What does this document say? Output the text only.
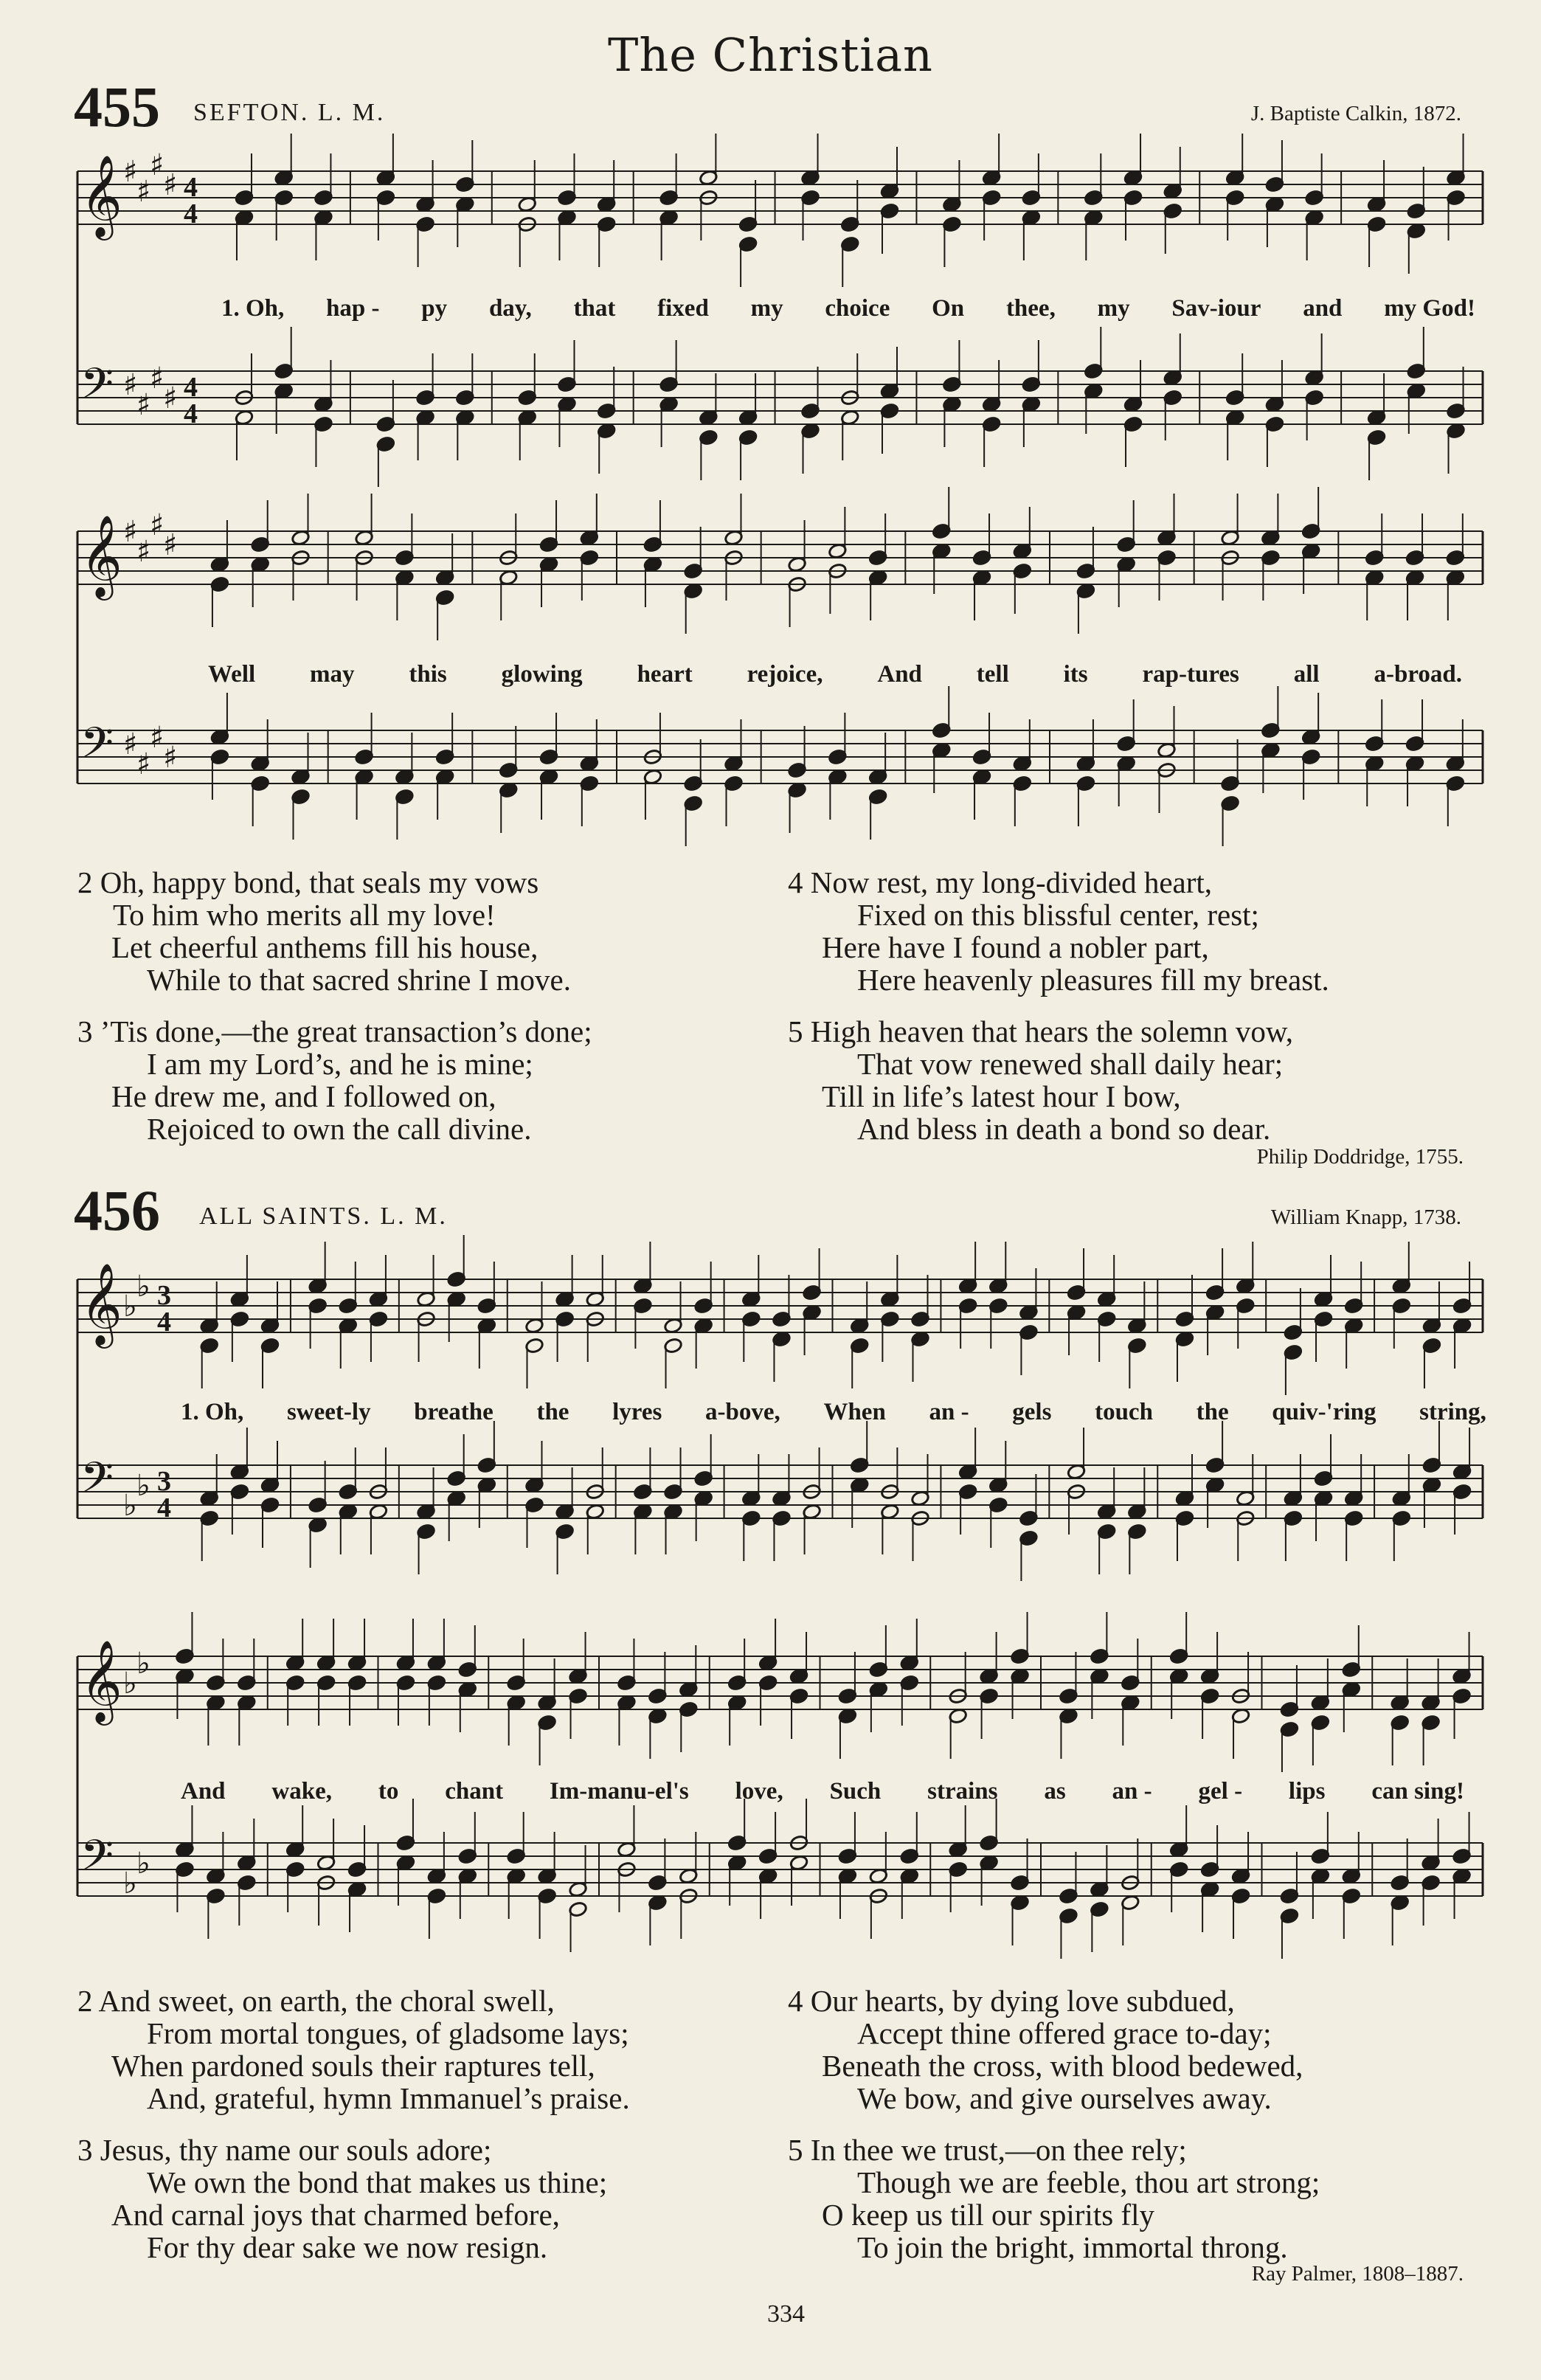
The Christian
455 SEFTON. L. M.	J. Baptiste Calkin, 1872.
𝄞 ♯
♯
♯
♯ 4
4
𝄢 ♯
♯
♯
♯ 4
4
𝄞 ♯
♯
♯
♯
𝄢 ♯
♯
♯
♯
1. Oh, hap - py day, that fixed my choice On thee, my Sav-iour and my God!
Well may this glowing heart rejoice, And tell its rap-tures all a-broad.
2 Oh, happy bond, that seals my vows
To him who merits all my love!
Let cheerful anthems fill his house,
While to that sacred shrine I move.
3 ’Tis done,—the great transaction’s done;
I am my Lord’s, and he is mine;
He drew me, and I followed on,
Rejoiced to own the call divine.
4 Now rest, my long-divided heart,
Fixed on this blissful center, rest;
Here have I found a nobler part,
Here heavenly pleasures fill my breast.
5 High heaven that hears the solemn vow,
That vow renewed shall daily hear;
Till in life’s latest hour I bow,
And bless in death a bond so dear.
Philip Doddridge, 1755.
456 ALL SAINTS. L. M.	William Knapp, 1738.
𝄞 ♭
♭ 3
4
𝄢 ♭
♭ 3
4
𝄞 ♭
♭
𝄢 ♭
♭
1. Oh, sweet-ly breathe the lyres a-bove, When an - gels touch the quiv-'ring string,
And wake, to chant Im-manu-el's love, Such strains as an - gel - lips can sing!
2 And sweet, on earth, the choral swell,
From mortal tongues, of gladsome lays;
When pardoned souls their raptures tell,
And, grateful, hymn Immanuel’s praise.
3 Jesus, thy name our souls adore;
We own the bond that makes us thine;
And carnal joys that charmed before,
For thy dear sake we now resign.
4 Our hearts, by dying love subdued,
Accept thine offered grace to-day;
Beneath the cross, with blood bedewed,
We bow, and give ourselves away.
5 In thee we trust,—on thee rely;
Though we are feeble, thou art strong;
O keep us till our spirits fly
To join the bright, immortal throng.
Ray Palmer, 1808–1887.
334
